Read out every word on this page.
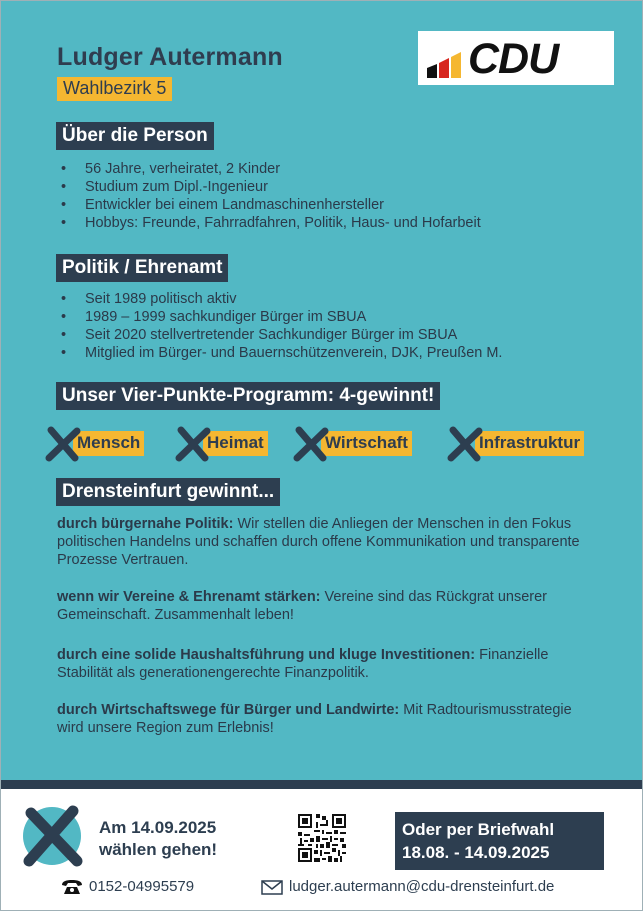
Ludger Autermann
Wahlbezirk 5
CDU
Über die Person
• 56 Jahre, verheiratet, 2 Kinder
• Studium zum Dipl.-Ingenieur
• Entwickler bei einem Landmaschinenhersteller
• Hobbys: Freunde, Fahrradfahren, Politik, Haus- und Hofarbeit
Politik / Ehrenamt
• Seit 1989 politisch aktiv
• 1989 – 1999 sachkundiger Bürger im SBUA
• Seit 2020 stellvertretender Sachkundiger Bürger im SBUA
• Mitglied im Bürger- und Bauernschützenverein, DJK, Preußen M.
Unser Vier-Punkte-Programm: 4-gewinnt!
Mensch	Heimat	Wirtschaft	Infrastruktur
Drensteinfurt gewinnt...

durch bürgernahe Politik: Wir stellen die Anliegen der Menschen in den Fokus politischen Handelns und schaffen durch offene Kommunikation und transparente Prozesse Vertrauen.

wenn wir Vereine & Ehrenamt stärken: Vereine sind das Rückgrat unserer Gemeinschaft. Zusammenhalt leben!

durch eine solide Haushaltsführung und kluge Investitionen: Finanzielle Stabilität als generationengerechte Finanzpolitik.

durch Wirtschaftswege für Bürger und Landwirte: Mit Radtourismusstrategie wird unsere Region zum Erlebnis!

Am 14.09.2025
wählen gehen!
Oder per Briefwahl
18.08. - 14.09.2025
0152-04995579	ludger.autermann@cdu-drensteinfurt.de
